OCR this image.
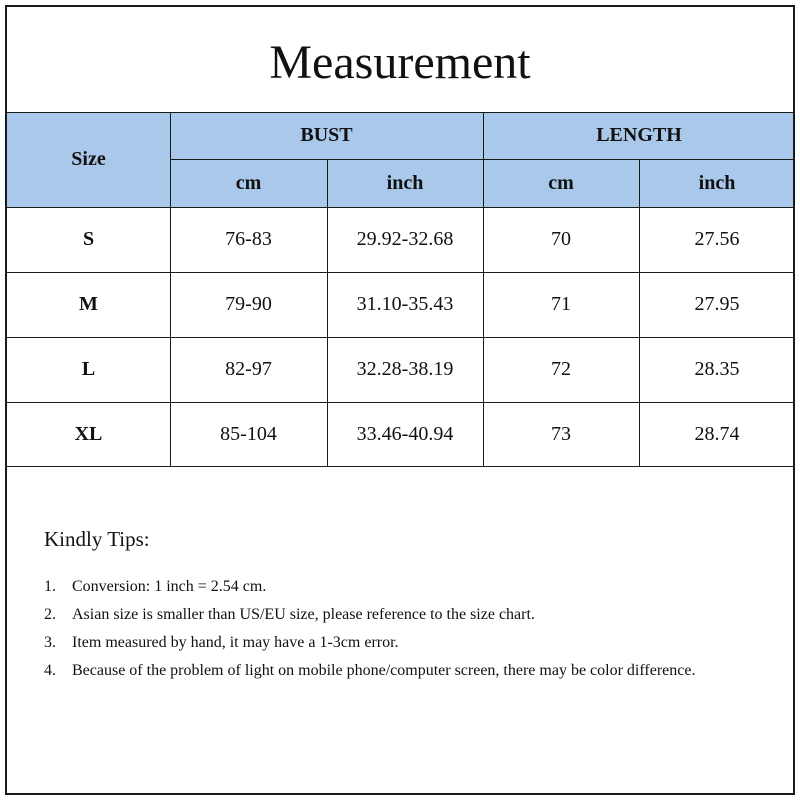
Measurement
Size
BUST	LENGTH
cm	inch	cm	inch
S	76-83	29.92-32.68	70	27.56
M	79-90	31.10-35.43	71	27.95
L	82-97	32.28-38.19	72	28.35
XL	85-104	33.46-40.94	73	28.74
Kindly Tips:
1. Conversion: 1 inch = 2.54 cm.
2. Asian size is smaller than US/EU size, please reference to the size chart.
3. Item measured by hand, it may have a 1-3cm error.
4. Because of the problem of light on mobile phone/computer screen, there may be color difference.
